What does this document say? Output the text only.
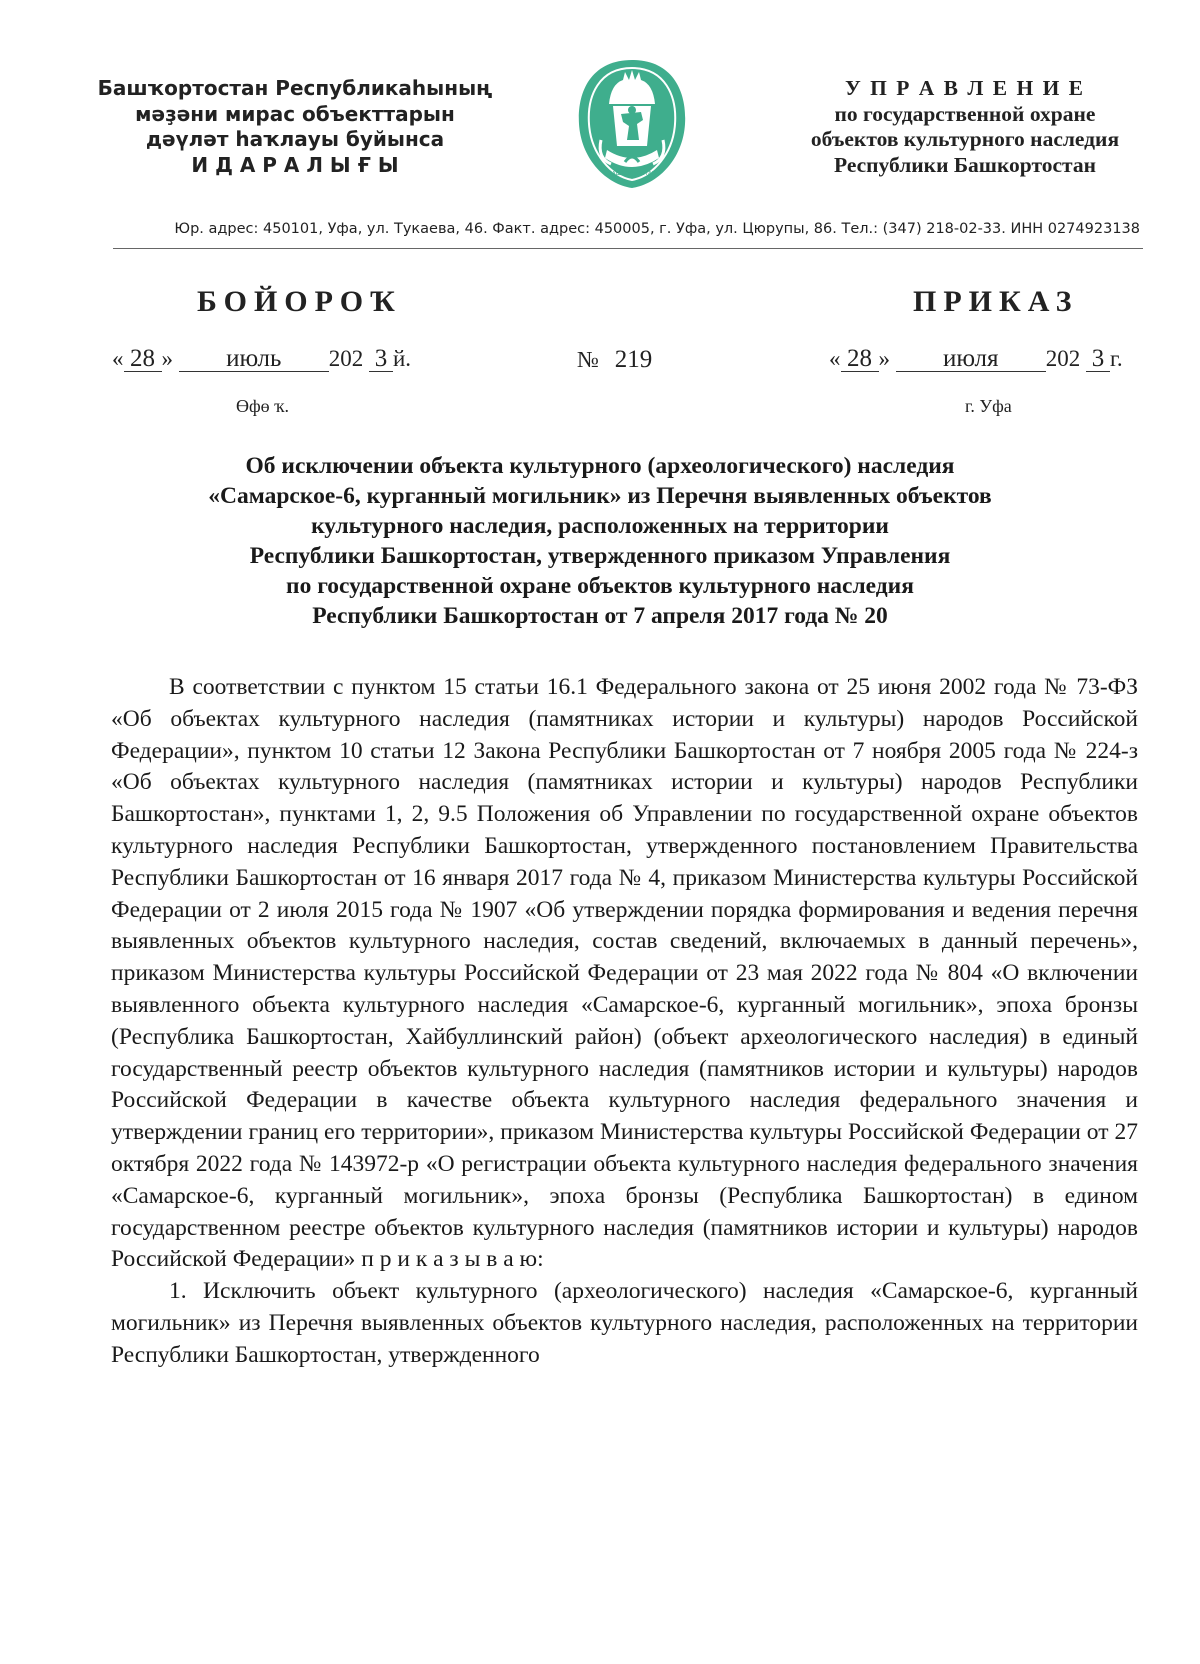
Башҡортостан Республикаһының
мәҙәни мирас объекттарын
дәүләт һаҡлауы буйынса
И Д А Р А Л Ы Ғ Ы	БАШКОРТОСТАН
У П Р А В Л Е Н И Е
по государственной охране
объектов культурного наследия
Республики Башкортостан
Юр. адрес: 450101, Уфа, ул. Тукаева, 46. Факт. адрес: 450005, г. Уфа, ул. Цюрупы, 86. Тел.: (347) 218-02-33. ИНН 0274923138
БОЙОРОҠ	ПРИКАЗ
« 28 » июль 202 3 й.	№ 219	« 28 » июля 202 3 г.
Өфө ҡ.	г. Уфа
Об исключении объекта культурного (археологического) наследия
«Самарское-6, курганный могильник» из Перечня выявленных объектов
культурного наследия, расположенных на территории
Республики Башкортостан, утвержденного приказом Управления
по государственной охране объектов культурного наследия
Республики Башкортостан от 7 апреля 2017 года № 20

В соответствии с пунктом 15 статьи 16.1 Федерального закона от 25 июня 2002 года № 73-ФЗ «Об объектах культурного наследия (памятниках истории и культуры) народов Российской Федерации», пунктом 10 статьи 12 Закона Республики Башкортостан от 7 ноября 2005 года № 224-з «Об объектах культурного наследия (памятниках истории и культуры) народов Республики Башкортостан», пунктами 1, 2, 9.5 Положения об Управлении по государственной охране объектов культурного наследия Республики Башкортостан, утвержденного постановлением Правительства Республики Башкортостан от 16 января 2017 года № 4, приказом Министерства культуры Российской Федерации от 2 июля 2015 года № 1907 «Об утверждении порядка формирования и ведения перечня выявленных объектов культурного наследия, состав сведений, включаемых в данный перечень», приказом Министерства культуры Российской Федерации от 23 мая 2022 года № 804 «О включении выявленного объекта культурного наследия «Самарское-6, курганный могильник», эпоха бронзы (Республика Башкортостан, Хайбуллинский район) (объект археологического наследия) в единый государственный реестр объектов культурного наследия (памятников истории и культуры) народов Российской Федерации в качестве объекта культурного наследия федерального значения и утверждении границ его территории», приказом Министерства культуры Российской Федерации от 27 октября 2022 года № 143972-р «О регистрации объекта культурного наследия федерального значения «Самарское-6, курганный могильник», эпоха бронзы (Республика Башкортостан) в едином государственном реестре объектов культурного наследия (памятников истории и культуры) народов Российской Федерации» п р и к а з ы в а ю:

1. Исключить объект культурного (археологического) наследия «Самарское-6, курганный могильник» из Перечня выявленных объектов культурного наследия, расположенных на территории Республики Башкортостан, утвержденного
